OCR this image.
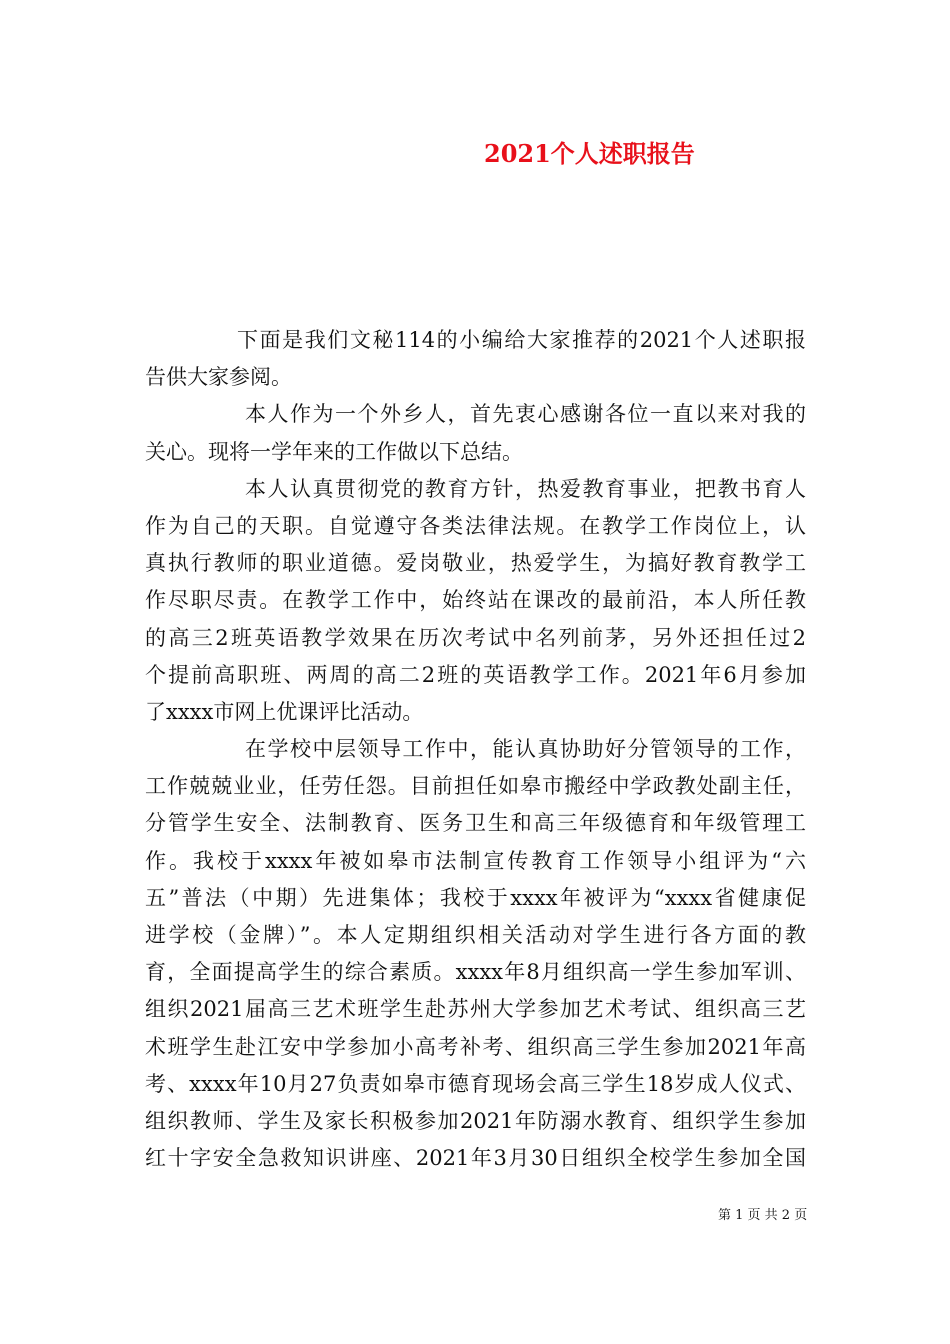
2021个人述职报告
下面是我们文秘114的小编给大家推荐的2021个人述职报
告供大家参阅。
本人作为一个外乡人，首先衷心感谢各位一直以来对我的
关心。现将一学年来的工作做以下总结。
本人认真贯彻党的教育方针，热爱教育事业，把教书育人
作为自己的天职。自觉遵守各类法律法规。在教学工作岗位上，认
真执行教师的职业道德。爱岗敬业，热爱学生，为搞好教育教学工
作尽职尽责。在教学工作中，始终站在课改的最前沿，本人所任教
的高三2班英语教学效果在历次考试中名列前茅，另外还担任过2
个提前高职班、两周的高二2班的英语教学工作。2021年6月参加
了xxxx市网上优课评比活动。
在学校中层领导工作中，能认真协助好分管领导的工作，
工作兢兢业业，任劳任怨。目前担任如皋市搬经中学政教处副主任，
分管学生安全、法制教育、医务卫生和高三年级德育和年级管理工
作。我校于xxxx年被如皋市法制宣传教育工作领导小组评为“六
五”普法（中期）先进集体；我校于xxxx年被评为“xxxx省健康促
进学校（金牌）”。本人定期组织相关活动对学生进行各方面的教
育，全面提高学生的综合素质。xxxx年8月组织高一学生参加军训、
组织2021届高三艺术班学生赴苏州大学参加艺术考试、组织高三艺
术班学生赴江安中学参加小高考补考、组织高三学生参加2021年高
考、xxxx年10月27负责如皋市德育现场会高三学生18岁成人仪式、
组织教师、学生及家长积极参加2021年防溺水教育、组织学生参加
红十字安全急救知识讲座、2021年3月30日组织全校学生参加全国
第 1 页 共 2 页
